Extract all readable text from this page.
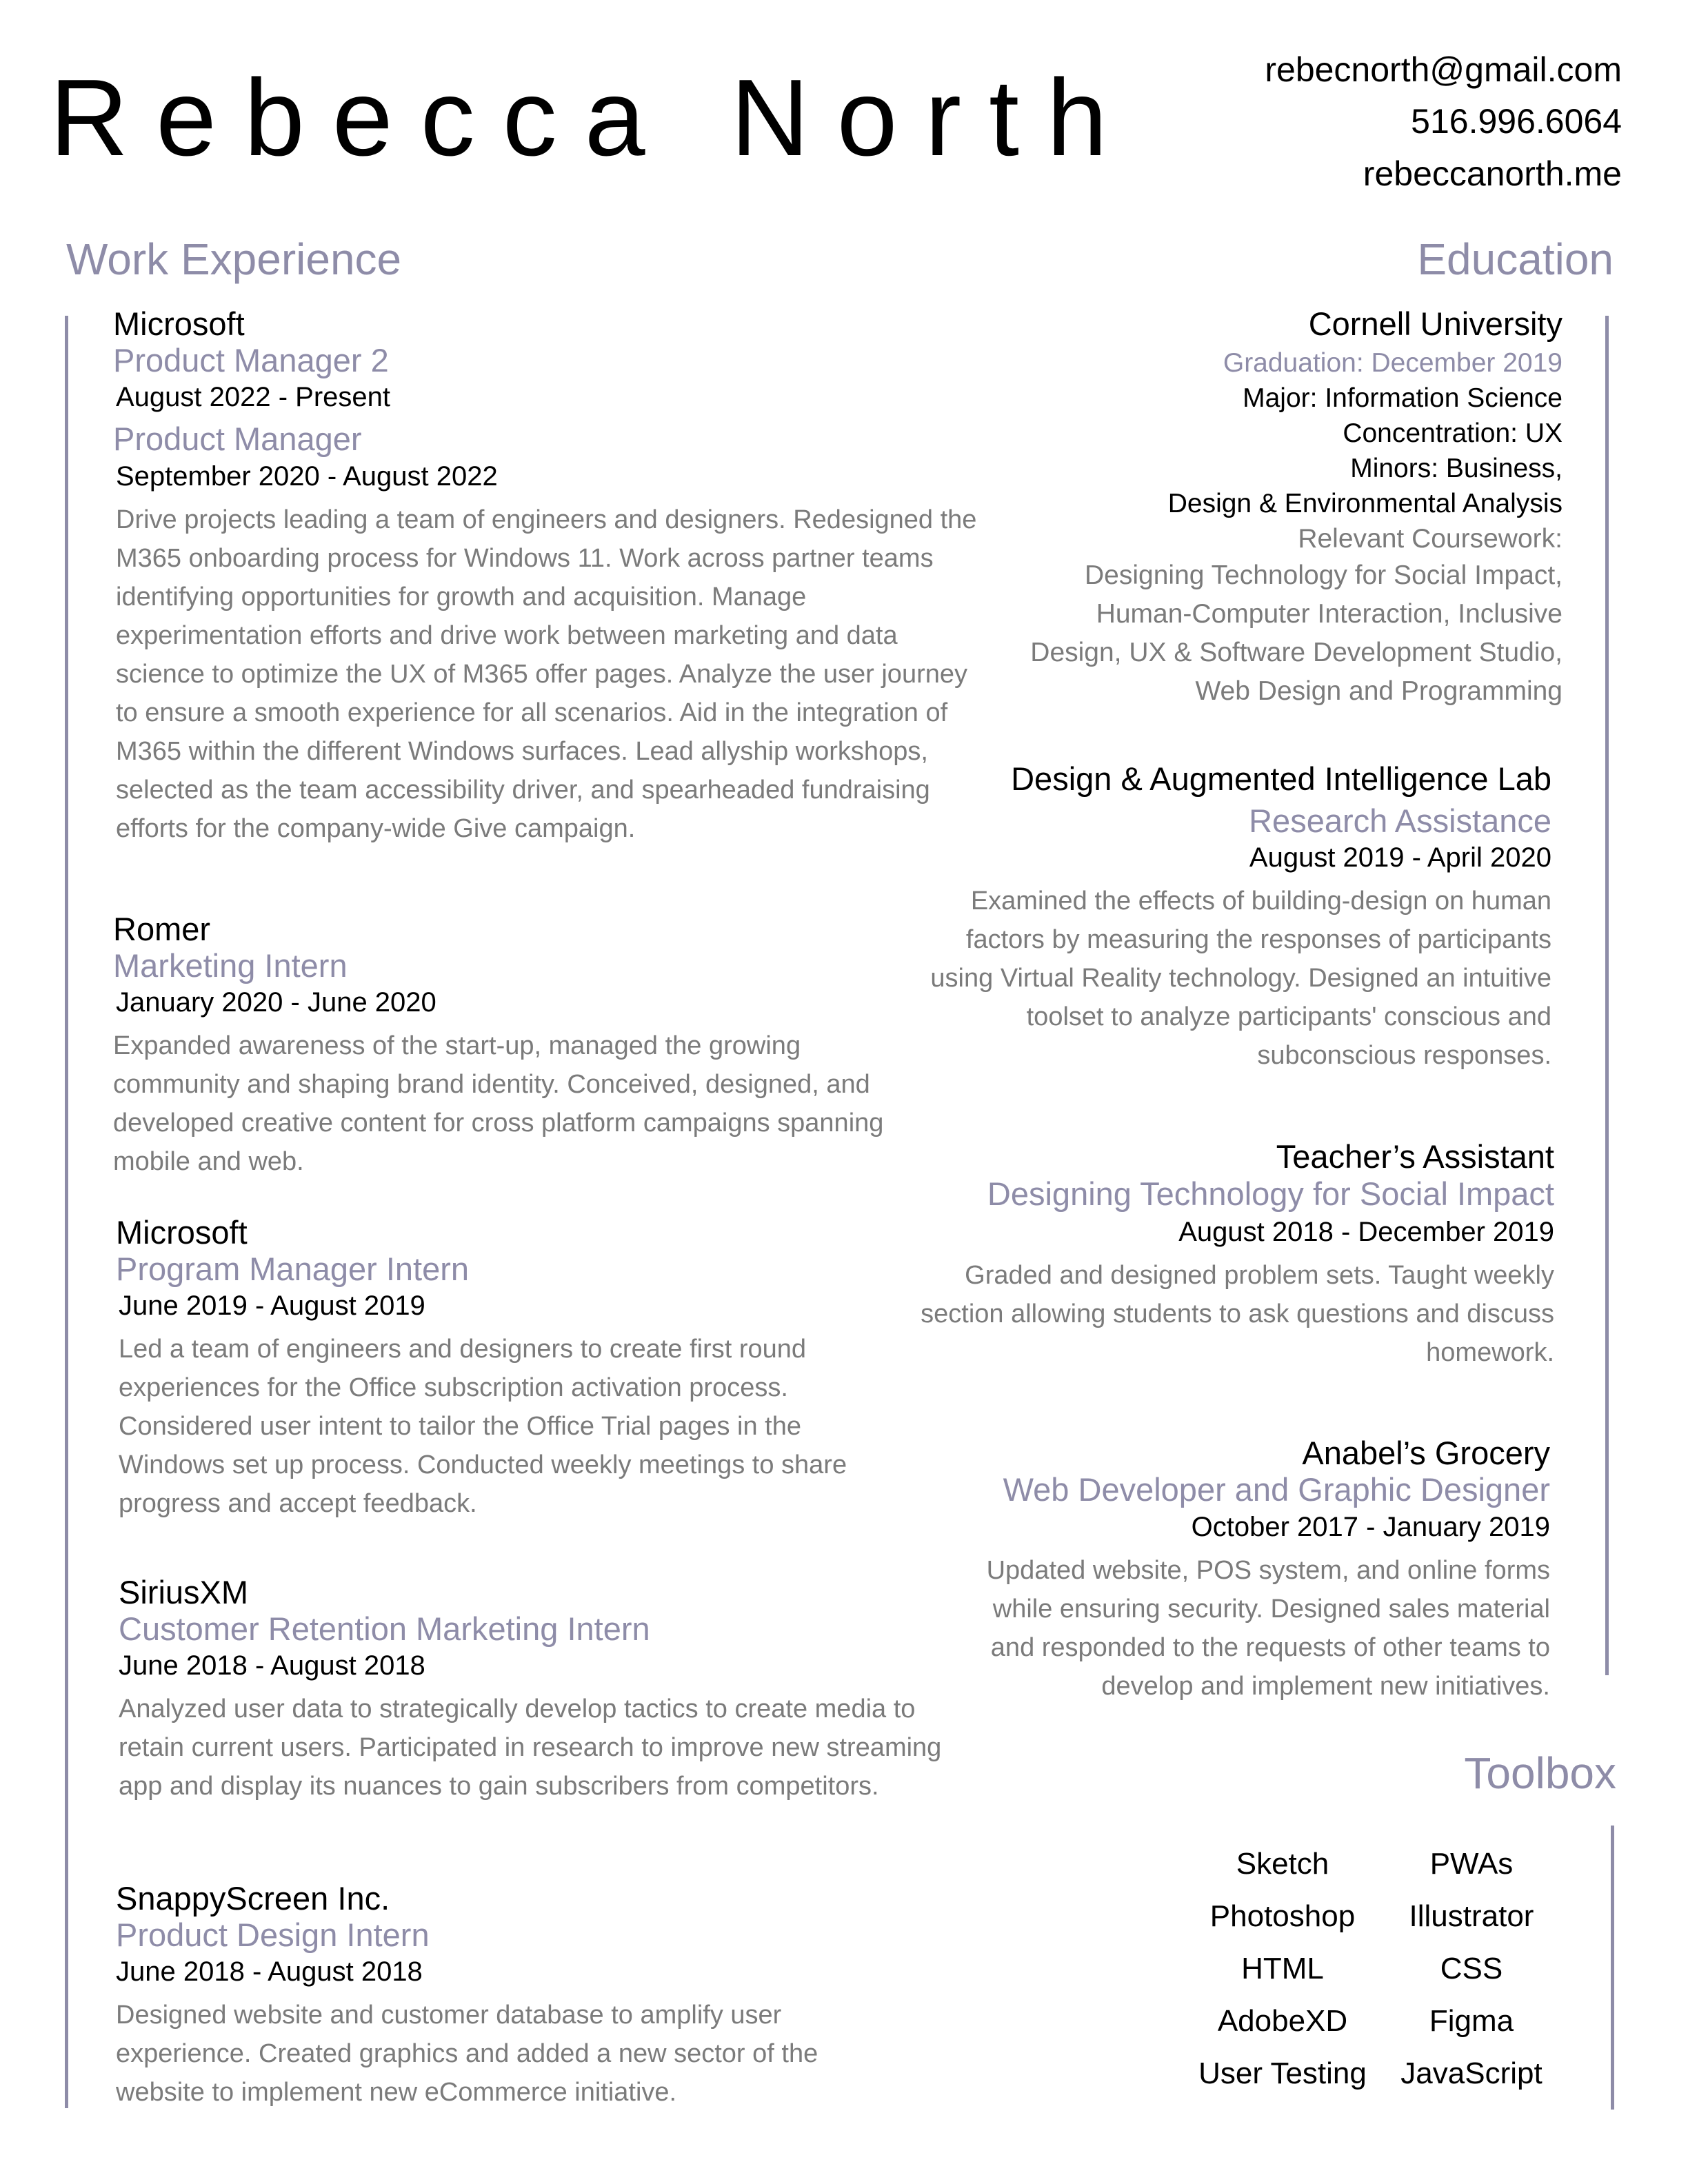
Rebecca North	rebecnorth@gmail.com
516.996.6064
rebeccanorth.me
Work Experience	Education
Toolbox
Microsoft
Product Manager 2
August 2022 - Present
Product Manager
September 2020 - August 2022
Drive projects leading a team of engineers and designers. Redesigned the M365 onboarding process for Windows 11. Work across partner teams identifying opportunities for growth and acquisition. Manage experimentation efforts and drive work between marketing and data science to optimize the UX of M365 offer pages. Analyze the user journey to ensure a smooth experience for all scenarios. Aid in the integration of M365 within the different Windows surfaces. Lead allyship workshops, selected as the team accessibility driver, and spearheaded fundraising efforts for the company-wide Give campaign.
Romer
Marketing Intern
January 2020 - June 2020
Expanded awareness of the start-up, managed the growing community and shaping brand identity. Conceived, designed, and developed creative content for cross platform campaigns spanning mobile and web.
Microsoft
Program Manager Intern
June 2019 - August 2019
Led a team of engineers and designers to create first round experiences for the Office subscription activation process. Considered user intent to tailor the Office Trial pages in the Windows set up process. Conducted weekly meetings to share progress and accept feedback.
SiriusXM
Customer Retention Marketing Intern
June 2018 - August 2018
Analyzed user data to strategically develop tactics to create media to retain current users. Participated in research to improve new streaming app and display its nuances to gain subscribers from competitors.
SnappyScreen Inc.
Product Design Intern
June 2018 - August 2018
Designed website and customer database to amplify user experience. Created graphics and added a new sector of the website to implement new eCommerce initiative.
Cornell University
Graduation: December 2019
Major: Information Science
Concentration: UX
Minors: Business,
Design & Environmental Analysis
Relevant Coursework:
Designing Technology for Social Impact, Human-Computer Interaction, Inclusive Design, UX & Software Development Studio, Web Design and Programming
Design & Augmented Intelligence Lab
Research Assistance
August 2019 - April 2020
Examined the effects of building-design on human factors by measuring the responses of participants using Virtual Reality technology. Designed an intuitive toolset to analyze participants' conscious and subconscious responses.
Teacher’s Assistant
Designing Technology for Social Impact
August 2018 - December 2019
Graded and designed problem sets. Taught weekly section allowing students to ask questions and discuss homework.
Anabel’s Grocery
Web Developer and Graphic Designer
October 2017 - January 2019
Updated website, POS system, and online forms while ensuring security. Designed sales material and responded to the requests of other teams to develop and implement new initiatives.
Sketch	PWAs
Photoshop	Illustrator
HTML	CSS
AdobeXD	Figma
User Testing	JavaScript
